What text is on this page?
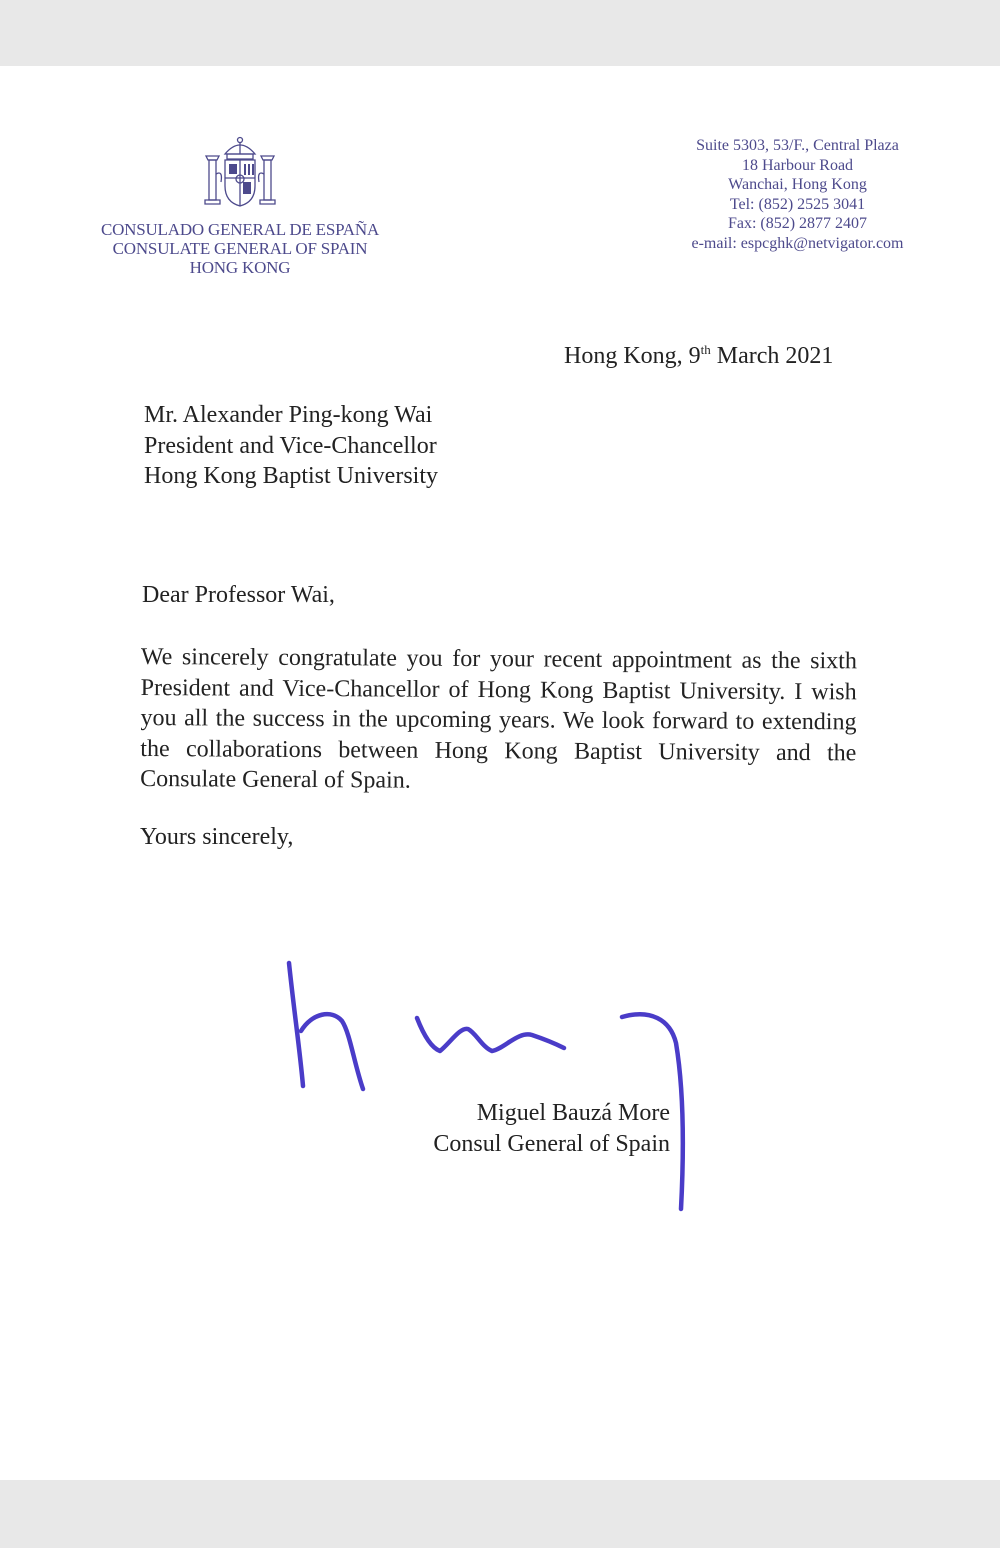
CONSULADO GENERAL DE ESPAÑA
CONSULATE GENERAL OF SPAIN
HONG KONG
Suite 5303, 53/F., Central Plaza
18 Harbour Road
Wanchai, Hong Kong
Tel: (852) 2525 3041
Fax: (852) 2877 2407
e-mail: espcghk@netvigator.com
Hong Kong, 9th March 2021
Mr. Alexander Ping-kong Wai
President and Vice-Chancellor
Hong Kong Baptist University
Dear Professor Wai,
We sincerely congratulate you for your recent appointment as the sixth President and Vice-Chancellor of Hong Kong Baptist University. I wish you all the success in the upcoming years. We look forward to extending the collaborations between Hong Kong Baptist University and the Consulate General of Spain.
Yours sincerely,
Miguel Bauzá More
Consul General of Spain
